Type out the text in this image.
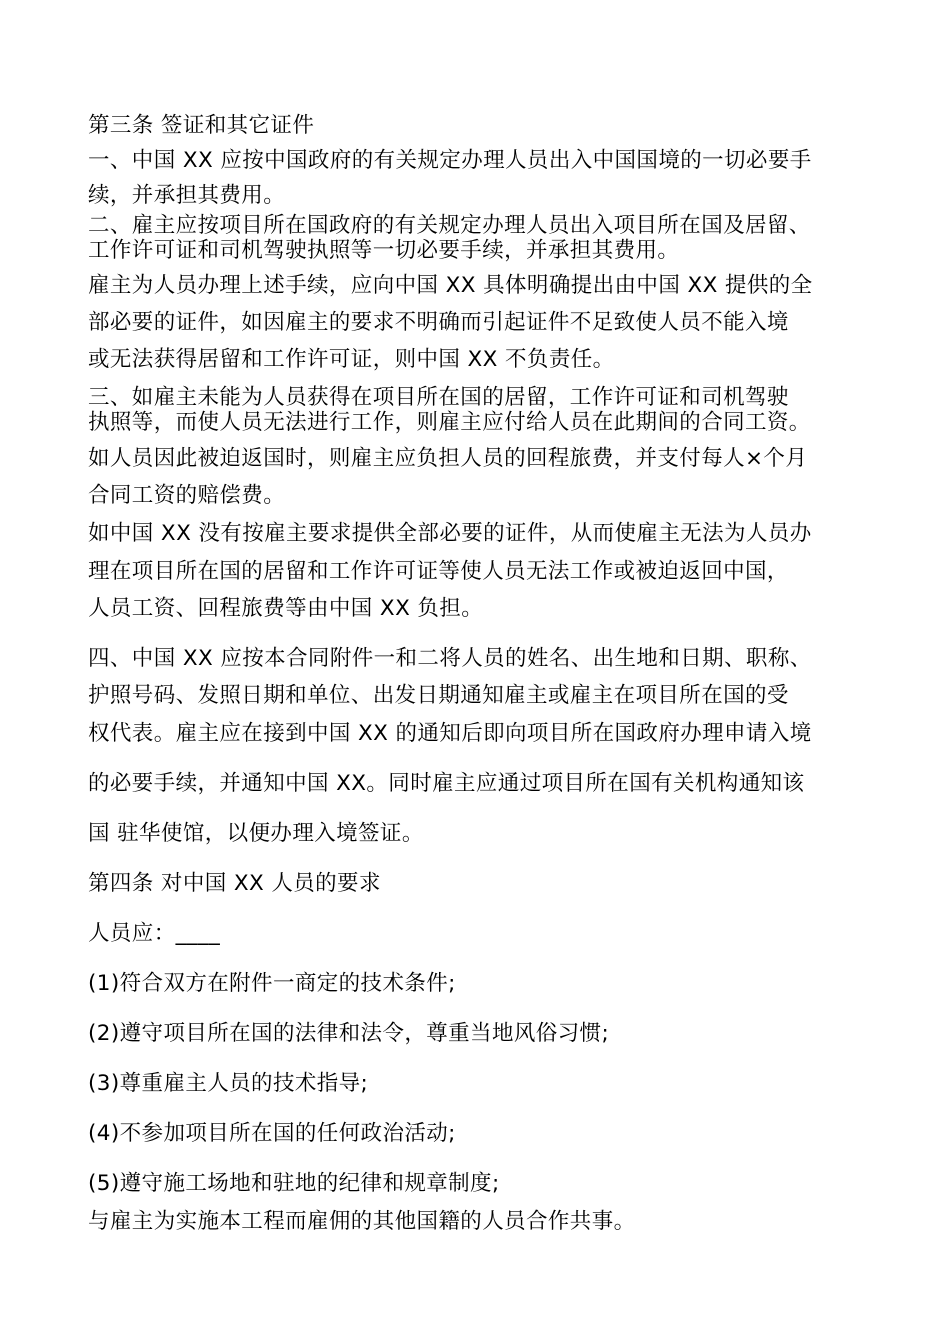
第三条 签证和其它证件
一、中国 XX 应按中国政府的有关规定办理人员出入中国国境的一切必要手
续，并承担其费用。
二、雇主应按项目所在国政府的有关规定办理人员出入项目所在国及居留、
工作许可证和司机驾驶执照等一切必要手续，并承担其费用。
雇主为人员办理上述手续，应向中国 XX 具体明确提出由中国 XX 提供的全
部必要的证件，如因雇主的要求不明确而引起证件不足致使人员不能入境
或无法获得居留和工作许可证，则中国 XX 不负责任。
三、如雇主未能为人员获得在项目所在国的居留，工作许可证和司机驾驶
执照等，而使人员无法进行工作，则雇主应付给人员在此期间的合同工资。
如人员因此被迫返国时，则雇主应负担人员的回程旅费，并支付每人×个月
合同工资的赔偿费。
如中国 XX 没有按雇主要求提供全部必要的证件，从而使雇主无法为人员办
理在项目所在国的居留和工作许可证等使人员无法工作或被迫返回中国，
人员工资、回程旅费等由中国 XX 负担。
四、中国 XX 应按本合同附件一和二将人员的姓名、出生地和日期、职称、
护照号码、发照日期和单位、出发日期通知雇主或雇主在项目所在国的受
权代表。雇主应在接到中国 XX 的通知后即向项目所在国政府办理申请入境
的必要手续，并通知中国 XX。同时雇主应通过项目所在国有关机构通知该
国 驻华使馆，以便办理入境签证。
第四条 对中国 XX 人员的要求
人员应：____
(1)符合双方在附件一商定的技术条件;
(2)遵守项目所在国的法律和法令，尊重当地风俗习惯;
(3)尊重雇主人员的技术指导;
(4)不参加项目所在国的任何政治活动;
(5)遵守施工场地和驻地的纪律和规章制度;
与雇主为实施本工程而雇佣的其他国籍的人员合作共事。
